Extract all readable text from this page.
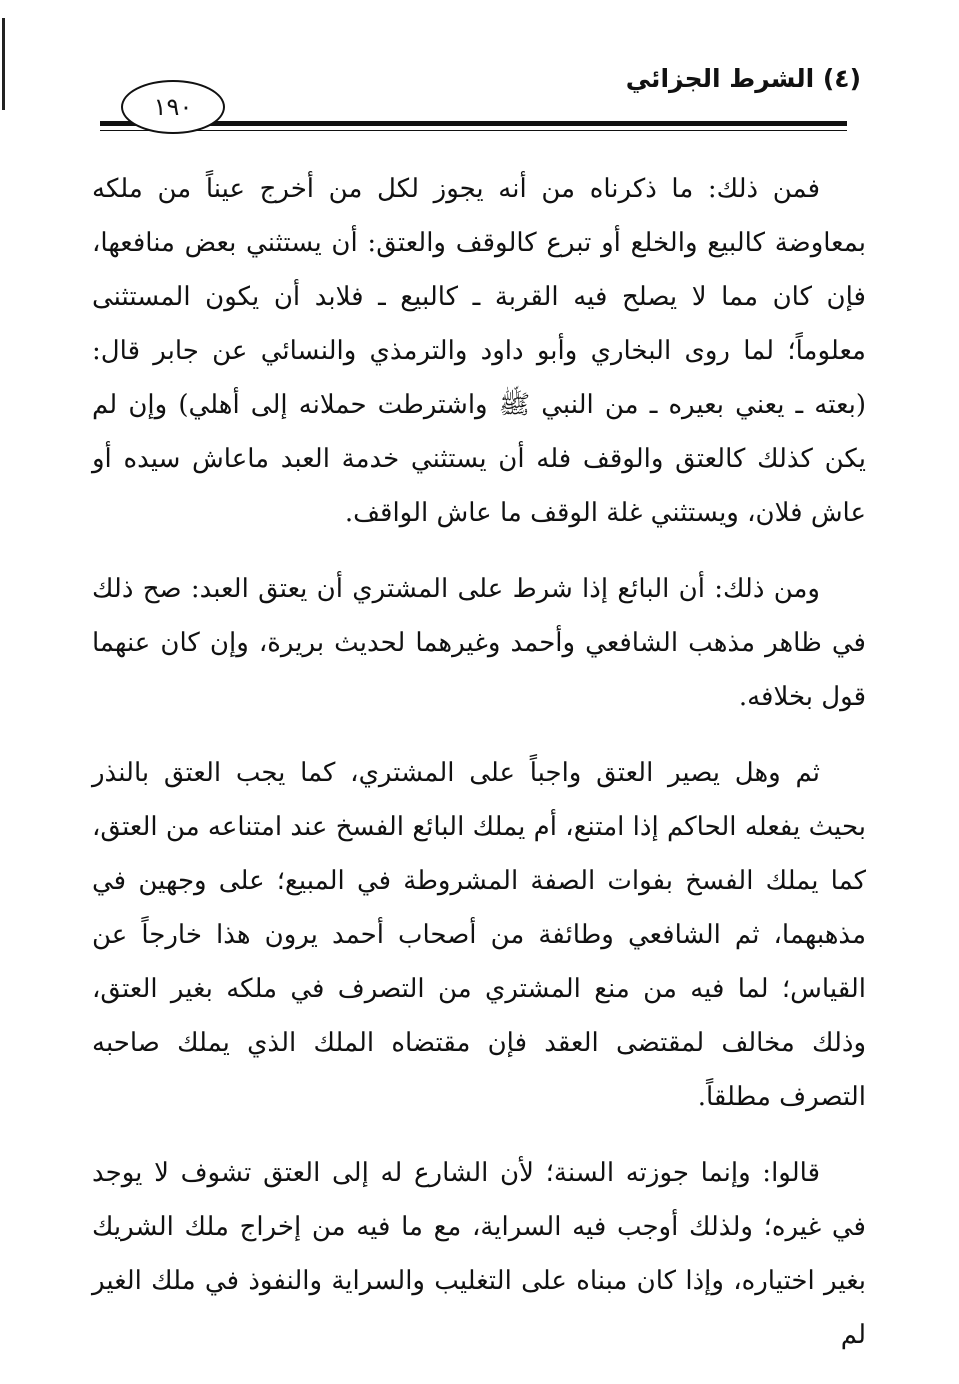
(٤) الشرط الجزائي
١٩٠

فمن ذلك: ما ذكرناه من أنه يجوز لكل من أخرج عيناً من ملكه بمعاوضة كالبيع والخلع أو تبرع كالوقف والعتق: أن يستثني بعض منافعها، فإن كان مما لا يصلح فيه القربة ـ كالبيع ـ فلابد أن يكون المستثنى معلوماً؛ لما روى البخاري وأبو داود والترمذي والنسائي عن جابر قال: (بعته ـ يعني بعيره ـ من النبي ﷺ واشترطت حملانه إلى أهلي) وإن لم يكن كذلك كالعتق والوقف فله أن يستثني خدمة العبد ماعاش سيده أو عاش فلان، ويستثني غلة الوقف ما عاش الواقف.

ومن ذلك: أن البائع إذا شرط على المشتري أن يعتق العبد: صح ذلك في ظاهر مذهب الشافعي وأحمد وغيرهما لحديث بريرة، وإن كان عنهما قول بخلافه.

ثم وهل يصير العتق واجباً على المشتري، كما يجب العتق بالنذر بحيث يفعله الحاكم إذا امتنع، أم يملك البائع الفسخ عند امتناعه من العتق، كما يملك الفسخ بفوات الصفة المشروطة في المبيع؛ على وجهين في مذهبهما، ثم الشافعي وطائفة من أصحاب أحمد يرون هذا خارجاً عن القياس؛ لما فيه من منع المشتري من التصرف في ملكه بغير العتق، وذلك مخالف لمقتضى العقد فإن مقتضاه الملك الذي يملك صاحبه التصرف مطلقاً.

قالوا: وإنما جوزته السنة؛ لأن الشارع له إلى العتق تشوف لا يوجد في غيره؛ ولذلك أوجب فيه السراية، مع ما فيه من إخراج ملك الشريك بغير اختياره، وإذا كان مبناه على التغليب والسراية والنفوذ في ملك الغير لم
